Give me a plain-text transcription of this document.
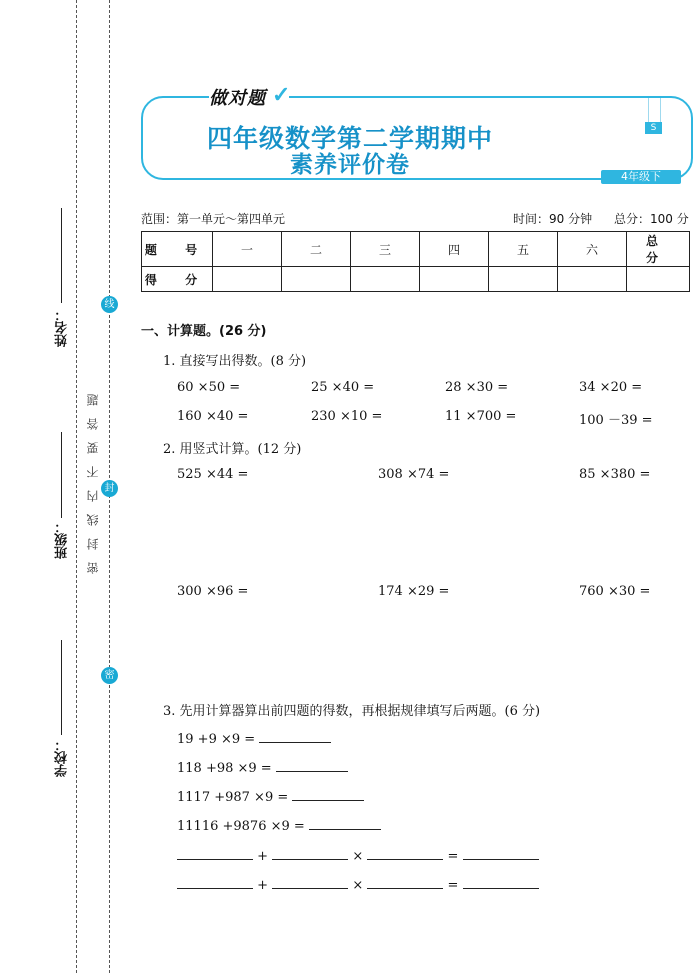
姓名：
班级：
学校：
线
封
密
密封线内不要答题
做对题 ✓
S
四年级数学第二学期期中
素养评价卷	4年级下
范围：第一单元～第四单元	时间：90 分钟 总分：100 分
题 号	一	二	三	四	五	六	总 分
得 分							
一、计算题。(26 分)
1. 直接写出得数。(8 分)
60 ×50 =	25 ×40 =	28 ×30 =	34 ×20 =
160 ×40 =	230 ×10 =	11 ×700 =	100 －39 =
2. 用竖式计算。(12 分)
525 ×44 =	308 ×74 =	85 ×380 =
300 ×96 =	174 ×29 =	760 ×30 =
3. 先用计算器算出前四题的得数，再根据规律填写后两题。(6 分)
19 +9 ×9 =
118 +98 ×9 =
1117 +987 ×9 =
11116 +9876 ×9 =
+	×	=
+	×	=
